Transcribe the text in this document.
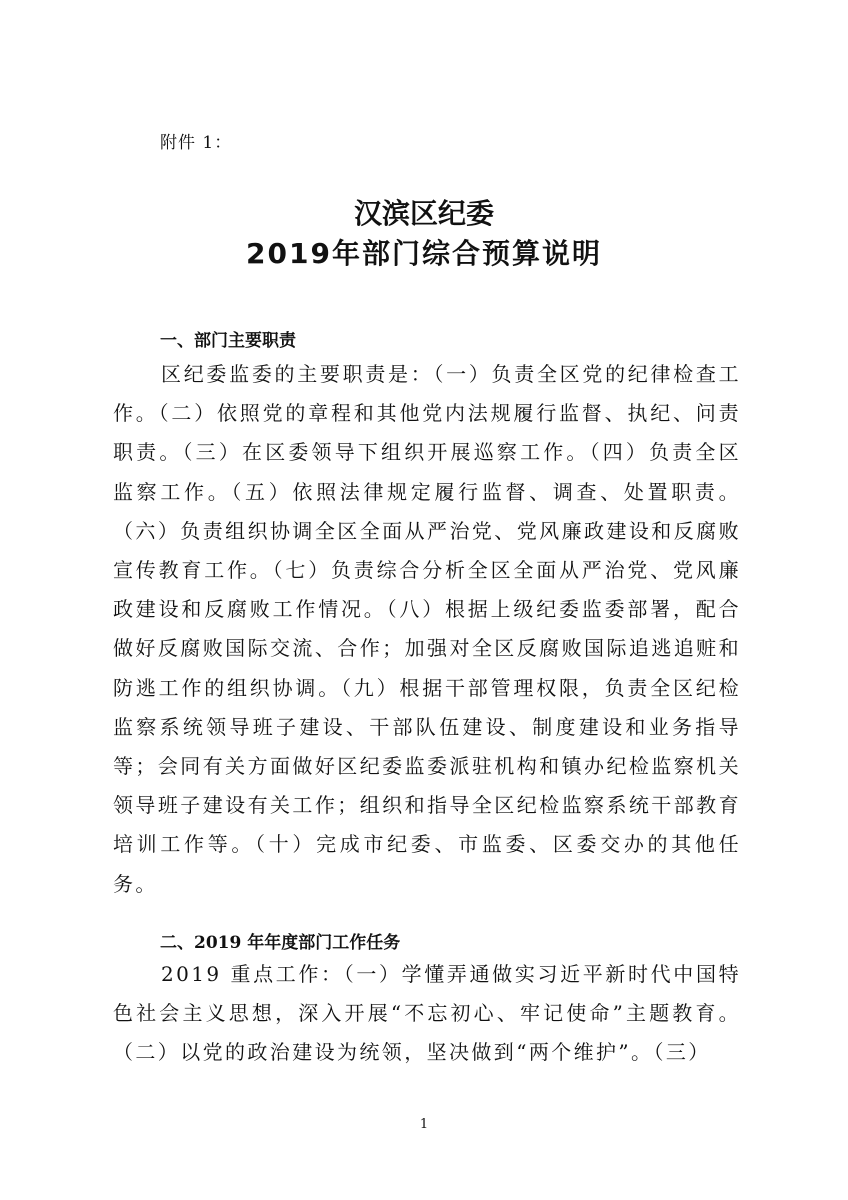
附件 1：
汉滨区纪委
2019年部门综合预算说明
一、部门主要职责

区纪委监委的主要职责是：（一）负责全区党的纪律检查工作。（二）依照党的章程和其他党内法规履行监督、执纪、问责职责。（三）在区委领导下组织开展巡察工作。（四）负责全区监察工作。（五）依照法律规定履行监督、调查、处置职责。（六）负责组织协调全区全面从严治党、党风廉政建设和反腐败宣传教育工作。（七）负责综合分析全区全面从严治党、党风廉政建设和反腐败工作情况。（八）根据上级纪委监委部署，配合做好反腐败国际交流、合作；加强对全区反腐败国际追逃追赃和防逃工作的组织协调。（九）根据干部管理权限，负责全区纪检监察系统领导班子建设、干部队伍建设、制度建设和业务指导等；会同有关方面做好区纪委监委派驻机构和镇办纪检监察机关领导班子建设有关工作；组织和指导全区纪检监察系统干部教育培训工作等。（十）完成市纪委、市监委、区委交办的其他任务。

二、2019 年年度部门工作任务

2019 重点工作：（一）学懂弄通做实习近平新时代中国特色社会主义思想，深入开展“不忘初心、牢记使命”主题教育。（二）以党的政治建设为统领，坚决做到“两个维护”。（三）

1
